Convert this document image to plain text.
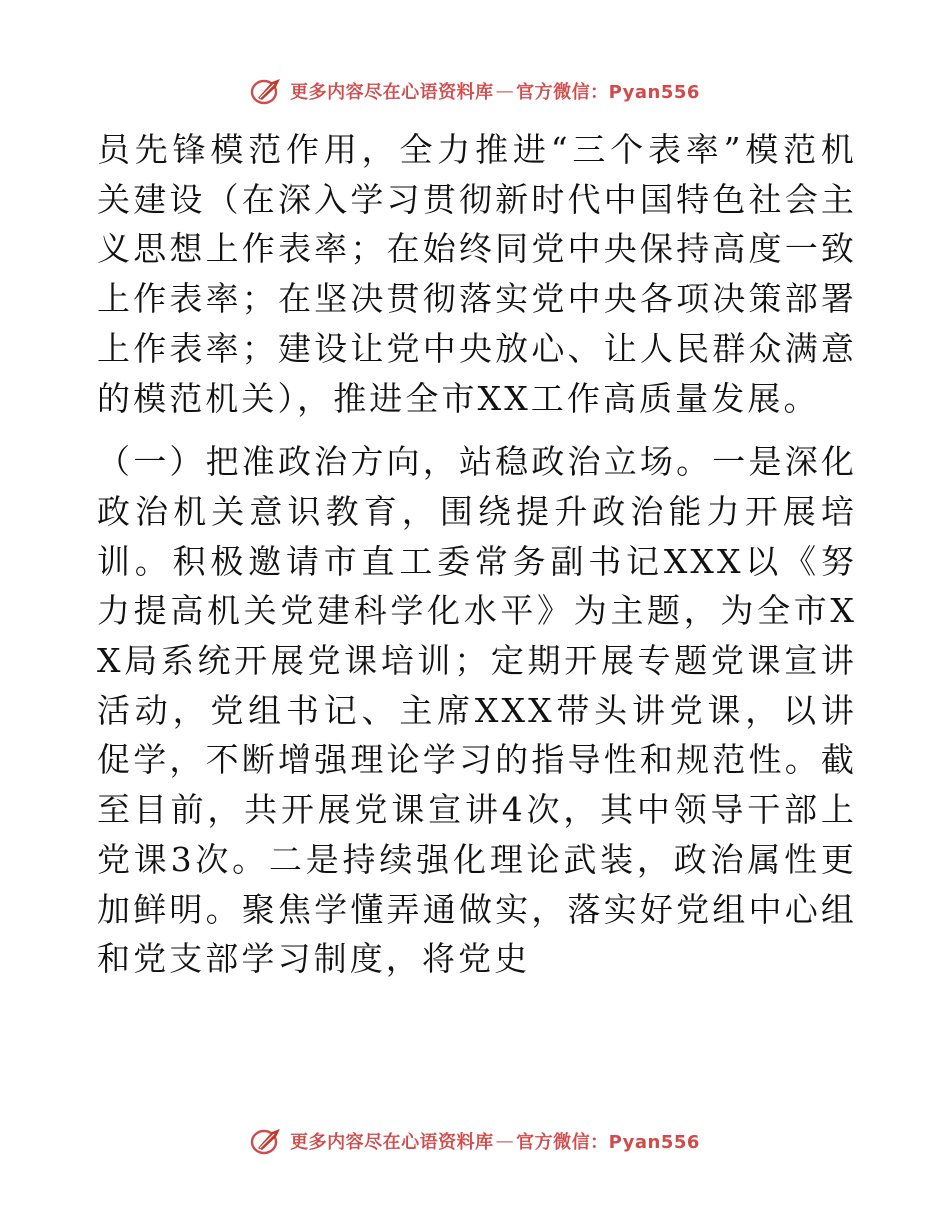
更多内容尽在心语资料库 — 官方微信：Pyan556

员先锋模范作用，全力推进“三个表率”模范机关建设（在深入学习贯彻新时代中国特色社会主义思想上作表率；在始终同党中央保持高度一致上作表率；在坚决贯彻落实党中央各项决策部署上作表率；建设让党中央放心、让人民群众满意的模范机关），推进全市XX工作高质量发展。

（一）把准政治方向，站稳政治立场。一是深化政治机关意识教育，围绕提升政治能力开展培训。积极邀请市直工委常务副书记XXX以《努力提高机关党建科学化水平》为主题，为全市XX局系统开展党课培训；定期开展专题党课宣讲活动，党组书记、主席XXX带头讲党课，以讲促学，不断增强理论学习的指导性和规范性。截至目前，共开展党课宣讲4次，其中领导干部上党课3次。二是持续强化理论武装，政治属性更加鲜明。聚焦学懂弄通做实，落实好党组中心组和党支部学习制度，将党史

更多内容尽在心语资料库 — 官方微信：Pyan556
